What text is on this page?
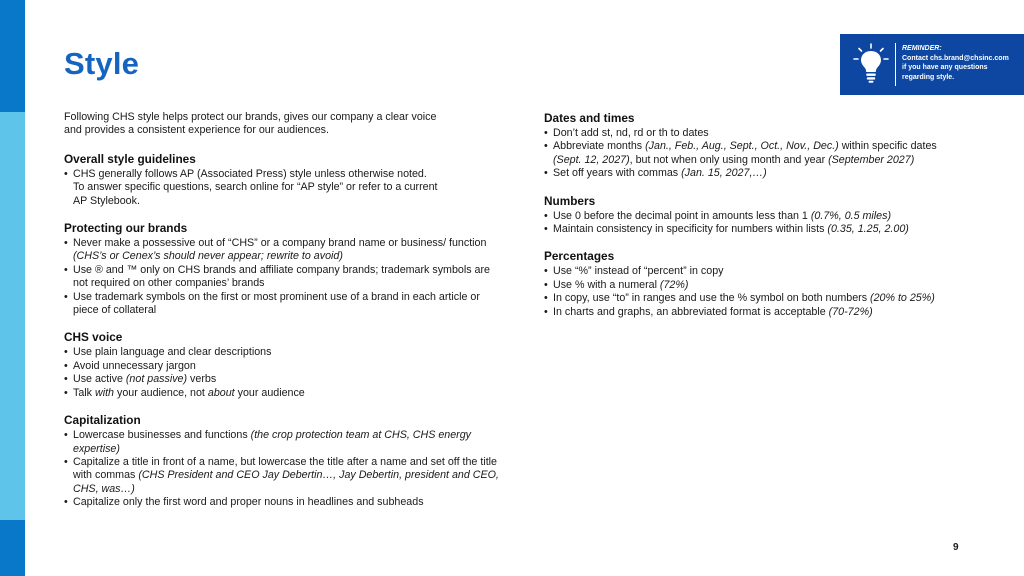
Style	REMINDER:
Contact chs.brand@chsinc.com
if you have any questions
regarding style.
Following CHS style helps protect our brands, gives our company a clear voice
and provides a consistent experience for our audiences.
Overall style guidelines
• CHS generally follows AP (Associated Press) style unless otherwise noted.
To answer specific questions, search online for “AP style” or refer to a current
AP Stylebook.
Protecting our brands
• Never make a possessive out of “CHS” or a company brand name or business/ function (CHS’s or Cenex’s should never appear; rewrite to avoid)
• Use ® and ™ only on CHS brands and affiliate company brands; trademark symbols are not required on other companies’ brands
• Use trademark symbols on the first or most prominent use of a brand in each article or piece of collateral
CHS voice
• Use plain language and clear descriptions
• Avoid unnecessary jargon
• Use active (not passive) verbs
• Talk with your audience, not about your audience
Capitalization
• Lowercase businesses and functions (the crop protection team at CHS, CHS energy expertise)
• Capitalize a title in front of a name, but lowercase the title after a name and set off the title with commas (CHS President and CEO Jay Debertin…, Jay Debertin, president and CEO, CHS, was…)
• Capitalize only the first word and proper nouns in headlines and subheads
Dates and times
• Don’t add st, nd, rd or th to dates
• Abbreviate months (Jan., Feb., Aug., Sept., Oct., Nov., Dec.) within specific dates (Sept. 12, 2027), but not when only using month and year (September 2027)
• Set off years with commas (Jan. 15, 2027,…)
Numbers
• Use 0 before the decimal point in amounts less than 1 (0.7%, 0.5 miles)
• Maintain consistency in specificity for numbers within lists (0.35, 1.25, 2.00)
Percentages
• Use “%” instead of “percent” in copy
• Use % with a numeral (72%)
• In copy, use “to” in ranges and use the % symbol on both numbers (20% to 25%)
• In charts and graphs, an abbreviated format is acceptable (70-72%)
9
